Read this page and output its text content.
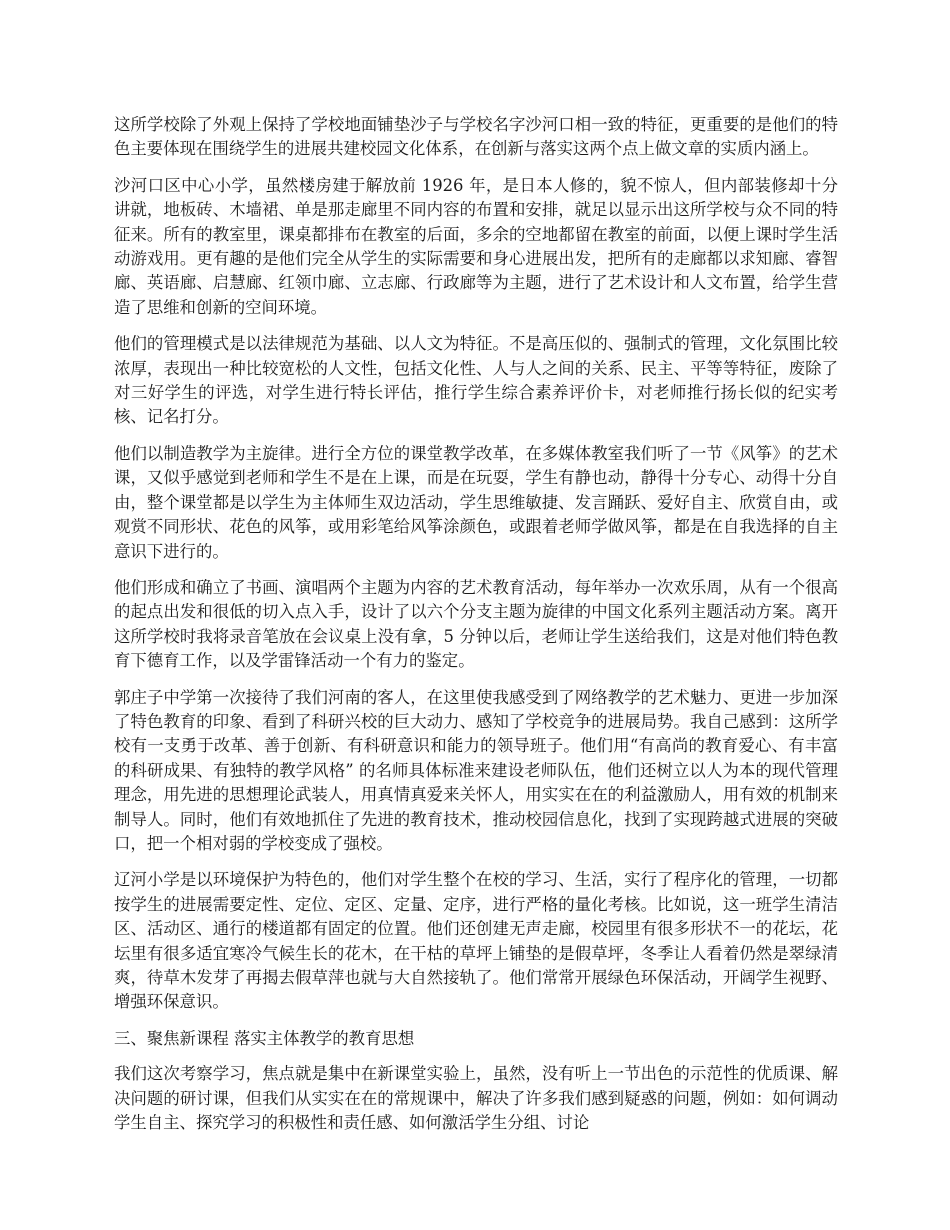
这所学校除了外观上保持了学校地面铺垫沙子与学校名字沙河口相一致的特征，更重要的是他们的特色主要体现在围绕学生的进展共建校园文化体系，在创新与落实这两个点上做文章的实质内涵上。

沙河口区中心小学，虽然楼房建于解放前 1926 年，是日本人修的，貌不惊人，但内部装修却十分讲就，地板砖、木墙裙、单是那走廊里不同内容的布置和安排，就足以显示出这所学校与众不同的特征来。所有的教室里，课桌都排布在教室的后面，多余的空地都留在教室的前面，以便上课时学生活动游戏用。更有趣的是他们完全从学生的实际需要和身心进展出发，把所有的走廊都以求知廊、睿智廊、英语廊、启慧廊、红领巾廊、立志廊、行政廊等为主题，进行了艺术设计和人文布置，给学生营造了思维和创新的空间环境。

他们的管理模式是以法律规范为基础、以人文为特征。不是高压似的、强制式的管理，文化氛围比较浓厚，表现出一种比较宽松的人文性，包括文化性、人与人之间的关系、民主、平等等特征，废除了对三好学生的评选，对学生进行特长评估，推行学生综合素养评价卡，对老师推行扬长似的纪实考核、记名打分。

他们以制造教学为主旋律。进行全方位的课堂教学改革，在多媒体教室我们听了一节《风筝》的艺术课，又似乎感觉到老师和学生不是在上课，而是在玩耍，学生有静也动，静得十分专心、动得十分自由，整个课堂都是以学生为主体师生双边活动，学生思维敏捷、发言踊跃、爱好自主、欣赏自由，或观赏不同形状、花色的风筝，或用彩笔给风筝涂颜色，或跟着老师学做风筝，都是在自我选择的自主意识下进行的。

他们形成和确立了书画、演唱两个主题为内容的艺术教育活动，每年举办一次欢乐周，从有一个很高的起点出发和很低的切入点入手，设计了以六个分支主题为旋律的中国文化系列主题活动方案。离开这所学校时我将录音笔放在会议桌上没有拿，5 分钟以后，老师让学生送给我们，这是对他们特色教育下德育工作，以及学雷锋活动一个有力的鉴定。

郭庄子中学第一次接待了我们河南的客人，在这里使我感受到了网络教学的艺术魅力、更进一步加深了特色教育的印象、看到了科研兴校的巨大动力、感知了学校竞争的进展局势。我自己感到：这所学校有一支勇于改革、善于创新、有科研意识和能力的领导班子。他们用“有高尚的教育爱心、有丰富的科研成果、有独特的教学风格” 的名师具体标准来建设老师队伍，他们还树立以人为本的现代管理理念，用先进的思想理论武装人，用真情真爱来关怀人，用实实在在的利益激励人，用有效的机制来制导人。同时，他们有效地抓住了先进的教育技术，推动校园信息化，找到了实现跨越式进展的突破口，把一个相对弱的学校变成了强校。

辽河小学是以环境保护为特色的，他们对学生整个在校的学习、生活，实行了程序化的管理，一切都按学生的进展需要定性、定位、定区、定量、定序，进行严格的量化考核。比如说，这一班学生清洁区、活动区、通行的楼道都有固定的位置。他们还创建无声走廊，校园里有很多形状不一的花坛，花坛里有很多适宜寒冷气候生长的花木，在干枯的草坪上铺垫的是假草坪，冬季让人看着仍然是翠绿清爽，待草木发芽了再揭去假草萍也就与大自然接轨了。他们常常开展绿色环保活动，开阔学生视野、增强环保意识。

三、聚焦新课程 落实主体教学的教育思想

我们这次考察学习，焦点就是集中在新课堂实验上，虽然，没有听上一节出色的示范性的优质课、解决问题的研讨课，但我们从实实在在的常规课中，解决了许多我们感到疑惑的问题，例如：如何调动学生自主、探究学习的积极性和责任感、如何激活学生分组、讨论
